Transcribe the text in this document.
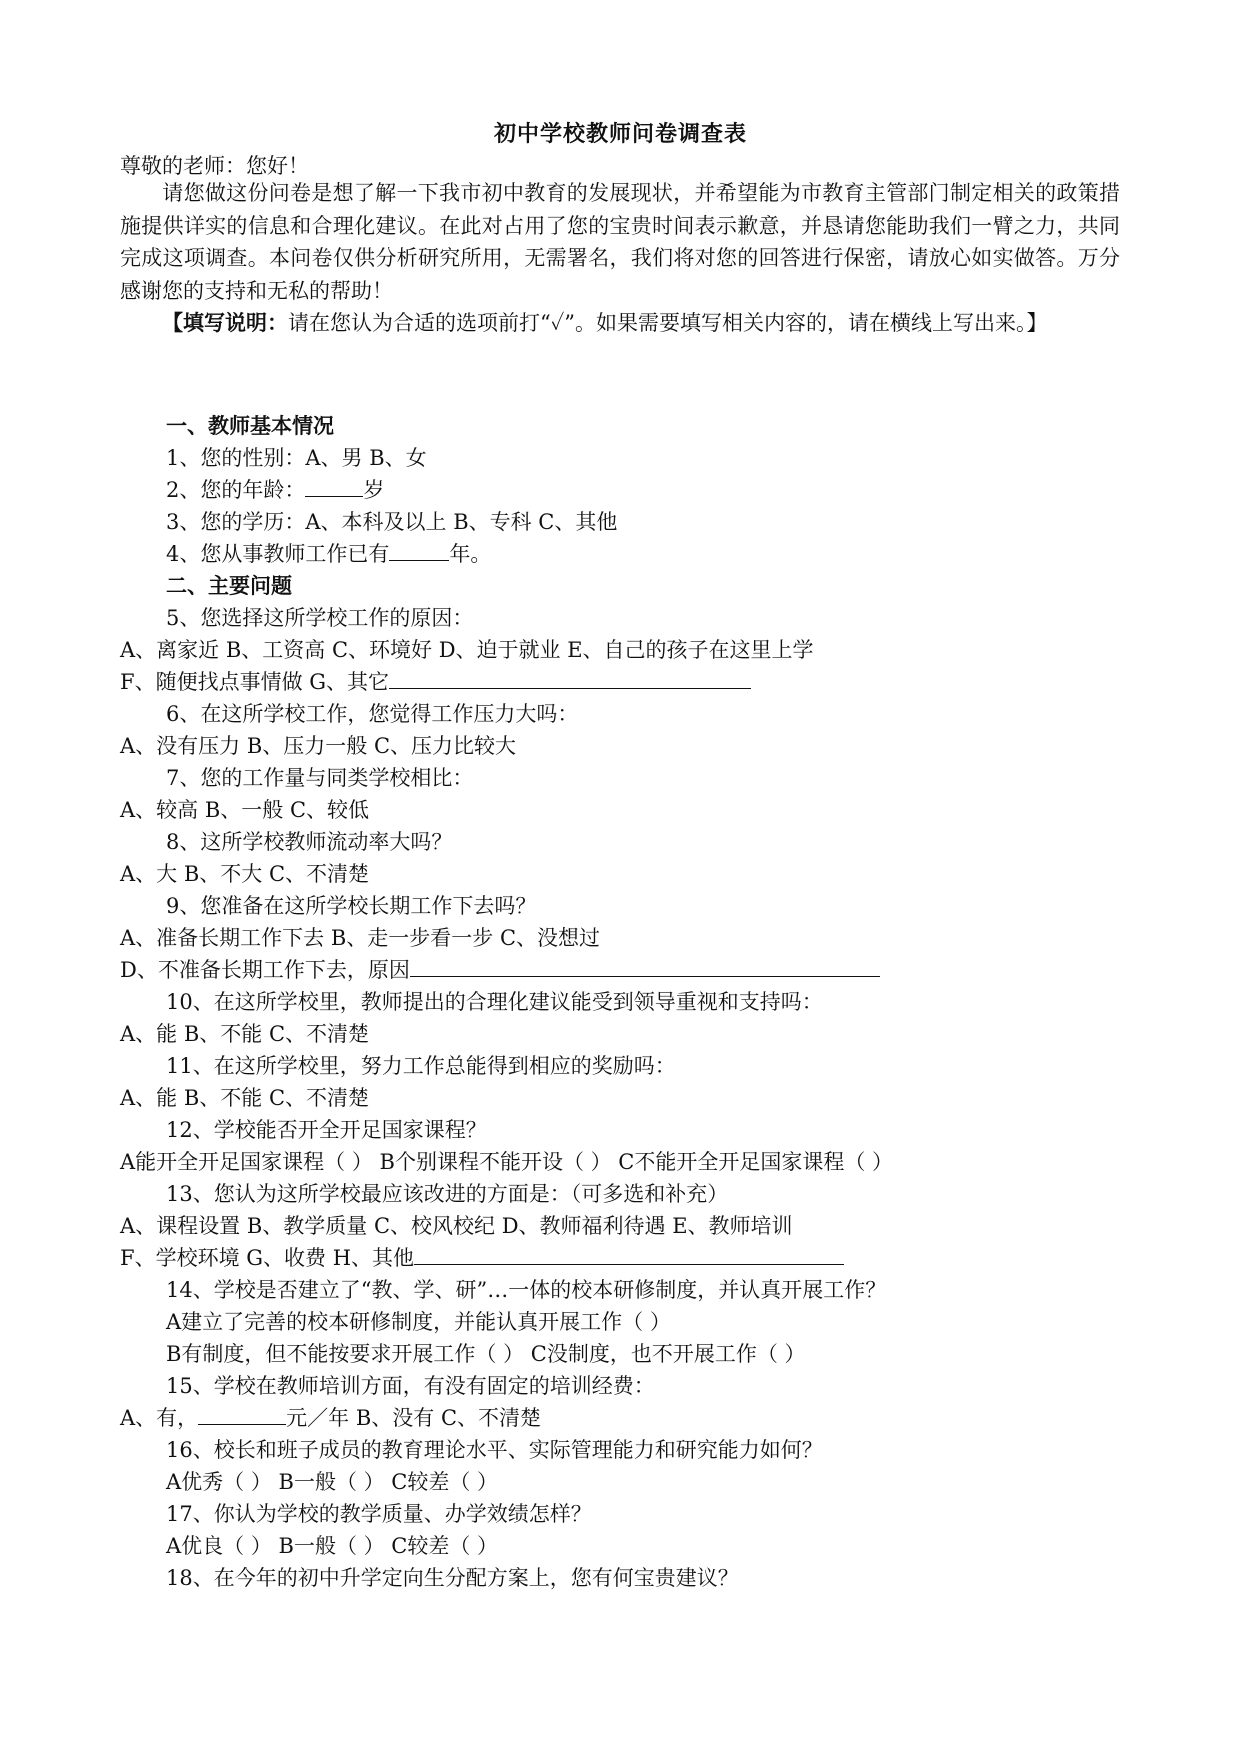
初中学校教师问卷调查表
尊敬的老师：您好！
请您做这份问卷是想了解一下我市初中教育的发展现状，并希望能为市教育主管部门制定相关的政策措施提供详实的信息和合理化建议。在此对占用了您的宝贵时间表示歉意，并恳请您能助我们一臂之力，共同完成这项调查。本问卷仅供分析研究所用，无需署名，我们将对您的回答进行保密，请放心如实做答。万分感谢您的支持和无私的帮助！
【填写说明：请在您认为合适的选项前打“✓”。如果需要填写相关内容的，请在横线上写出来。】
一、教师基本情况
1、您的性别：A、男 B、女
2、您的年龄：	岁
3、您的学历：A、本科及以上 B、专科 C、其他
4、您从事教师工作已有	年。
二、主要问题
5、您选择这所学校工作的原因：
A、离家近 B、工资高 C、环境好 D、迫于就业 E、自己的孩子在这里上学
F、随便找点事情做 G、其它
6、在这所学校工作，您觉得工作压力大吗：
A、没有压力 B、压力一般 C、压力比较大
7、您的工作量与同类学校相比：
A、较高 B、一般 C、较低
8、这所学校教师流动率大吗？
A、大 B、不大 C、不清楚
9、您准备在这所学校长期工作下去吗？
A、准备长期工作下去 B、走一步看一步 C、没想过
D、不准备长期工作下去，原因
10、在这所学校里，教师提出的合理化建议能受到领导重视和支持吗：
A、能 B、不能 C、不清楚
11、在这所学校里，努力工作总能得到相应的奖励吗：
A、能 B、不能 C、不清楚
12、学校能否开全开足国家课程？
A能开全开足国家课程（ ） B个别课程不能开设（ ） C不能开全开足国家课程（ ）
13、您认为这所学校最应该改进的方面是：（可多选和补充）
A、课程设置 B、教学质量 C、校风校纪 D、教师福利待遇 E、教师培训
F、学校环境 G、收费 H、其他
14、学校是否建立了“教、学、研”…一体的校本研修制度，并认真开展工作？
A建立了完善的校本研修制度，并能认真开展工作（ ）
B有制度，但不能按要求开展工作（ ） C没制度，也不开展工作（ ）
15、学校在教师培训方面，有没有固定的培训经费：
A、有，	元／年 B、没有 C、不清楚
16、校长和班子成员的教育理论水平、实际管理能力和研究能力如何？
A优秀（ ） B一般（ ） C较差（ ）
17、你认为学校的教学质量、办学效绩怎样？
A优良（ ） B一般（ ） C较差（ ）
18、在今年的初中升学定向生分配方案上，您有何宝贵建议？
